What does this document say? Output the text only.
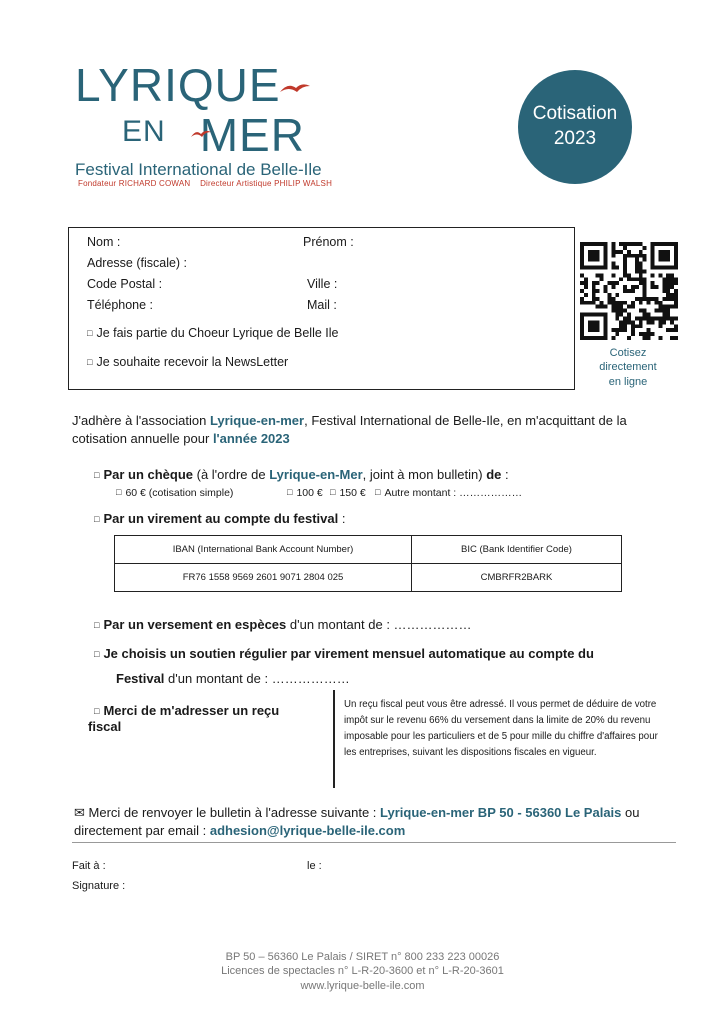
LYRIQUE
$^{EN}$ MER
Festival International de Belle-Ile
Fondateur RICHARD COWAN Directeur Artistique PHILIP WALSH
Cotisation
2023
Nom :	Prénom :
Adresse (fiscale) :
Code Postal :	Ville :
Téléphone :	Mail :
□ Je fais partie du Choeur Lyrique de Belle Ile
□ Je souhaite recevoir la NewsLetter
Cotisez
directement
en ligne
J'adhère à l'association Lyrique-en-mer, Festival International de Belle-Ile, en m'acquittant de la
cotisation annuelle pour l'année 2023
□ Par un chèque (à l'ordre de Lyrique-en-Mer, joint à mon bulletin) de :
□ 60 € (cotisation simple)	□ 100 € □ 150 € □ Autre montant : ………………
□ Par un virement au compte du festival :
IBAN (International Bank Account Number)	BIC (Bank Identifier Code)
FR76 1558 9569 2601 9071 2804 025	CMBRFR2BARK
□ Par un versement en espèces d'un montant de : ………………
□ Je choisis un soutien régulier par virement mensuel automatique au compte du
Festival d'un montant de : ………………
□ Merci de m'adresser un reçu
fiscal
Un reçu fiscal peut vous être adressé. Il vous permet de déduire de votre impôt sur le revenu 66% du versement dans la limite de 20% du revenu imposable pour les particuliers et de 5 pour mille du chiffre d'affaires pour les entreprises, suivant les dispositions fiscales en vigueur.
✉ Merci de renvoyer le bulletin à l'adresse suivante : Lyrique-en-mer BP 50 - 56360 Le Palais ou
directement par email : adhesion@lyrique-belle-ile.com
Fait à :	le :
Signature :
BP 50 – 56360 Le Palais / SIRET n° 800 233 223 00026
Licences de spectacles n° L-R-20-3600 et n° L-R-20-3601
www.lyrique-belle-ile.com
